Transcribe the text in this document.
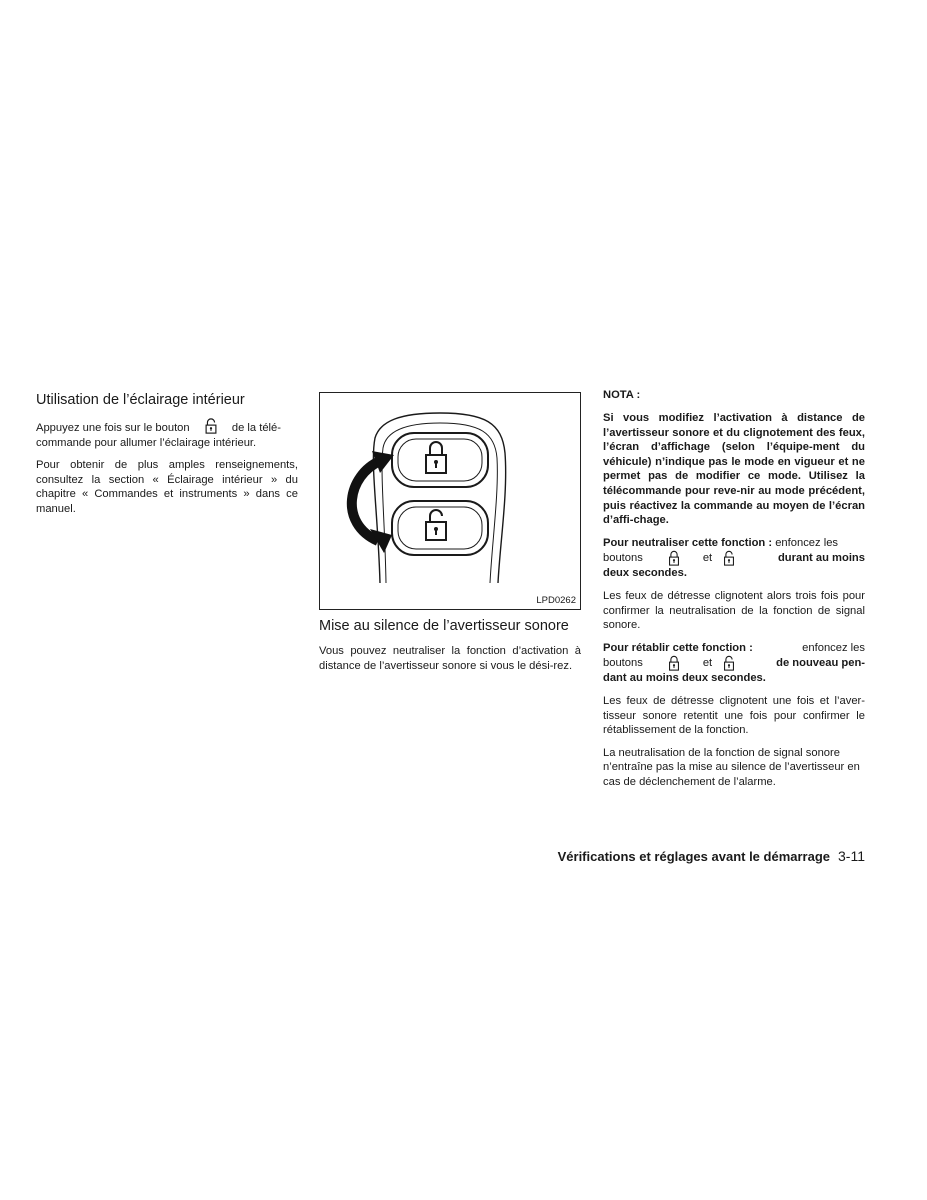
Utilisation de l’éclairage intérieur
Appuyez une fois sur le bouton	de la télé-
commande pour allumer l’éclairage intérieur.
Pour obtenir de plus amples renseignements, consultez la section « Éclairage intérieur » du chapitre « Commandes et instruments » dans ce manuel.
LPD0262
Mise au silence de l’avertisseur sonore
Vous pouvez neutraliser la fonction d’activation à distance de l’avertisseur sonore si vous le dési-rez.
NOTA :
Si vous modifiez l’activation à distance de l’avertisseur sonore et du clignotement des feux, l’écran d’affichage (selon l’équipe-ment du véhicule) n’indique pas le mode en vigueur et ne permet pas de modifier ce mode. Utilisez la télécommande pour reve-nir au mode précédent, puis réactivez la commande au moyen de l’écran d’affi-chage.
Pour neutraliser cette fonction : enfoncez les
boutons	et	durant au moins
deux secondes.
Les feux de détresse clignotent alors trois fois pour confirmer la neutralisation de la fonction de signal sonore.
Pour rétablir cette fonction :	enfoncez les
boutons	et	de nouveau pen-
dant au moins deux secondes.
Les feux de détresse clignotent une fois et l’aver-tisseur sonore retentit une fois pour confirmer le rétablissement de la fonction.
La neutralisation de la fonction de signal sonore n’entraîne pas la mise au silence de l’avertisseur en cas de déclenchement de l’alarme.
Vérifications et réglages avant le démarrage 3-11
